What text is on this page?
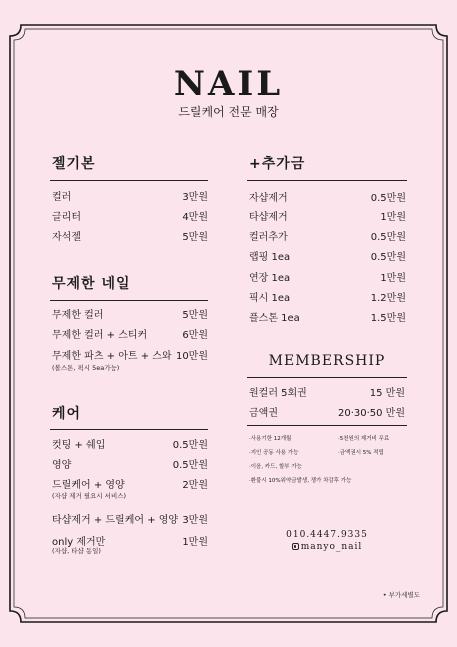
NAIL
드릴케어 전문 매장
젤기본
컬러	3만원
글리터	4만원
자석젤	5만원
무제한 네일
무제한 컬러	5만원
무제한 컬러 + 스티커	6만원
무제한 파츠 + 아트 + 스와 10만원
(볼스톤, 픽시 5ea가능)
케어
컷팅 + 쉐입	0.5만원
영양	0.5만원
드릴케어 + 영양	2만원
(자샵 제거 필요시 서비스)
타샵제거 + 드릴케어 + 영양 3만원
only 제거만	1만원
(자샵, 타샵 동일)
+추가금
자샵제거	0.5만원
타샵제거	1만원
컬러추가	0.5만원
랩핑 1ea	0.5만원
연장 1ea	1만원
픽시 1ea	1.2만원
플스톤 1ea	1.5만원
MEMBERSHIP
원컬러 5회권	15 만원
금액권	20·30·50 만원
·사용기한 12개월	·5천원의 제거비 무료
·지인 공동 사용 가능	·금액권시 5% 적립
·이음, 카드, 할부 가능
·환불시 10%위약금발생, 쟁가 차감후 가능
010.4447.9335
manyo_nail
• 부가세별도
